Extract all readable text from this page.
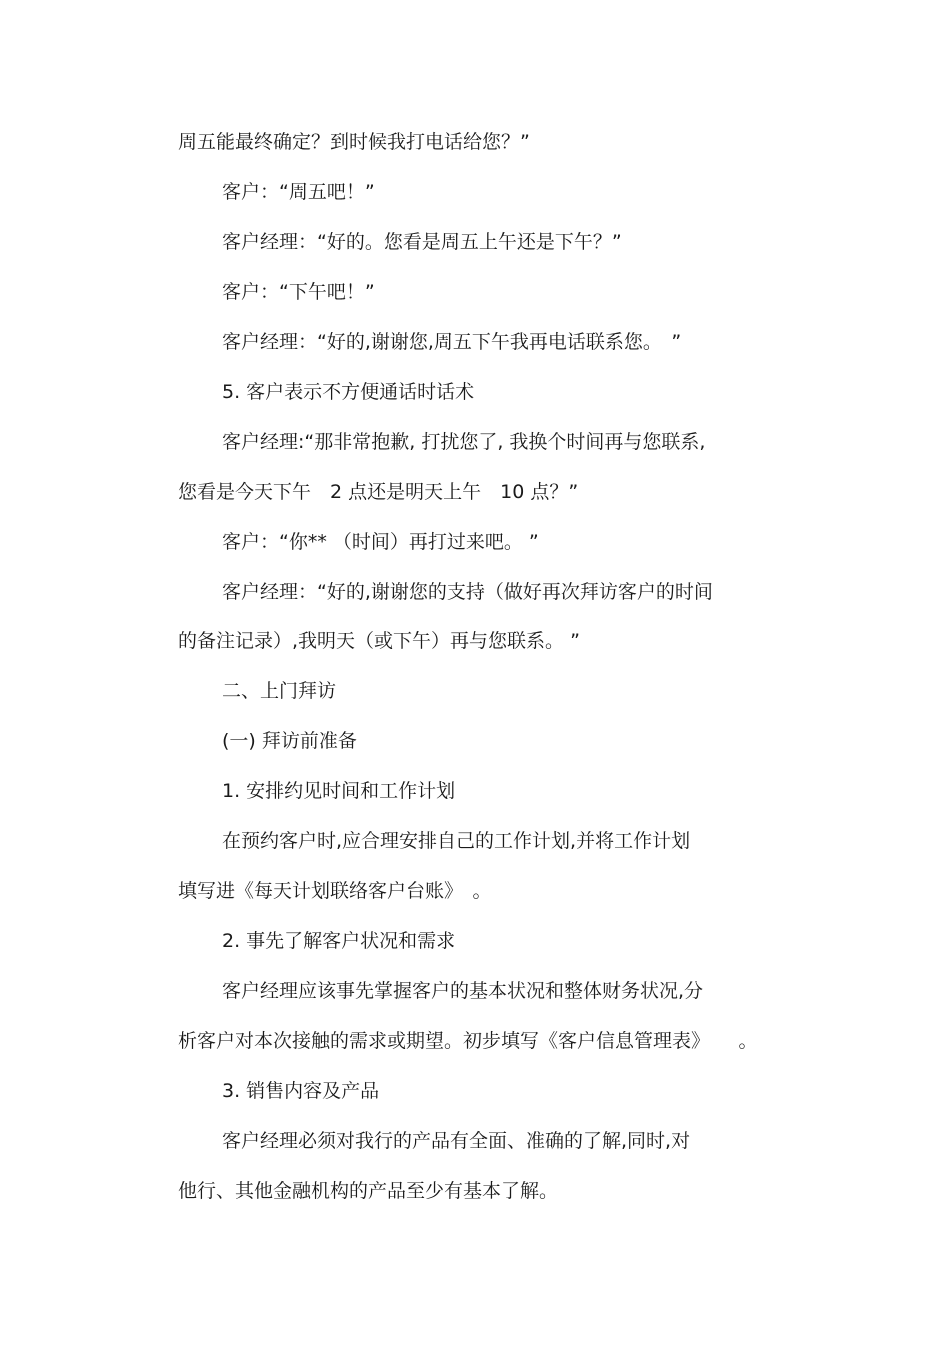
周五能最终确定？到时候我打电话给您？”
客户：“周五吧！”
客户经理：“好的。您看是周五上午还是下午？”
客户：“下午吧！”
客户经理：“好的,谢谢您,周五下午我再电话联系您。　”
5. 客户表示不方便通话时话术
客户经理:“那非常抱歉, 打扰您了, 我换个时间再与您联系,
您看是今天下午　2 点还是明天上午　10 点？”
客户：“你** （时间）再打过来吧。 ”
客户经理：“好的,谢谢您的支持（做好再次拜访客户的时间
的备注记录）,我明天（或下午）再与您联系。 ”
二、上门拜访
(一) 拜访前准备
1. 安排约见时间和工作计划
在预约客户时,应合理安排自己的工作计划,并将工作计划
填写进《每天计划联络客户台账》　。
2. 事先了解客户状况和需求
客户经理应该事先掌握客户的基本状况和整体财务状况,分
析客户对本次接触的需求或期望。初步填写《客户信息管理表》　　。
3. 销售内容及产品
客户经理必须对我行的产品有全面、准确的了解,同时,对
他行、其他金融机构的产品至少有基本了解。
